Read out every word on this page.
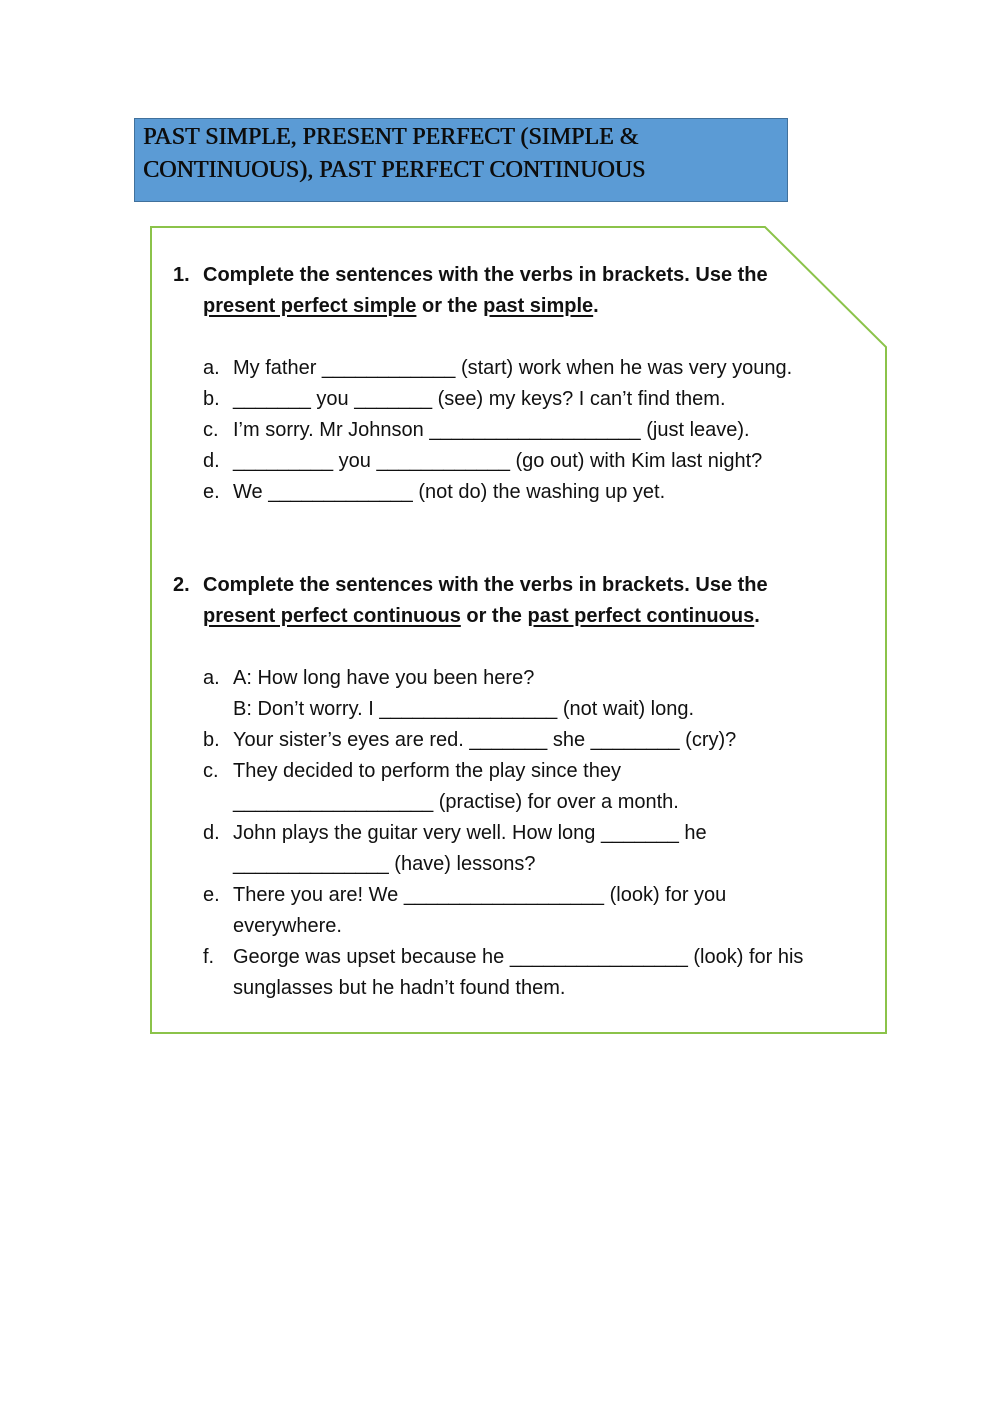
PAST SIMPLE, PRESENT PERFECT (SIMPLE &
CONTINUOUS), PAST PERFECT CONTINUOUS
1. Complete the sentences with the verbs in brackets. Use the
present perfect simple or the past simple.
a. My father ____________ (start) work when he was very young.
b. _______ you _______ (see) my keys? I can’t find them.
c. I’m sorry. Mr Johnson ___________________ (just leave).
d. _________ you ____________ (go out) with Kim last night?
e. We _____________ (not do) the washing up yet.
2. Complete the sentences with the verbs in brackets. Use the
present perfect continuous or the past perfect continuous.
a. A: How long have you been here?
B: Don’t worry. I ________________ (not wait) long.
b. Your sister’s eyes are red. _______ she ________ (cry)?
c. They decided to perform the play since they
__________________ (practise) for over a month.
d. John plays the guitar very well. How long _______ he
______________ (have) lessons?
e. There you are! We __________________ (look) for you
everywhere.
f. George was upset because he ________________ (look) for his
sunglasses but he hadn’t found them.
